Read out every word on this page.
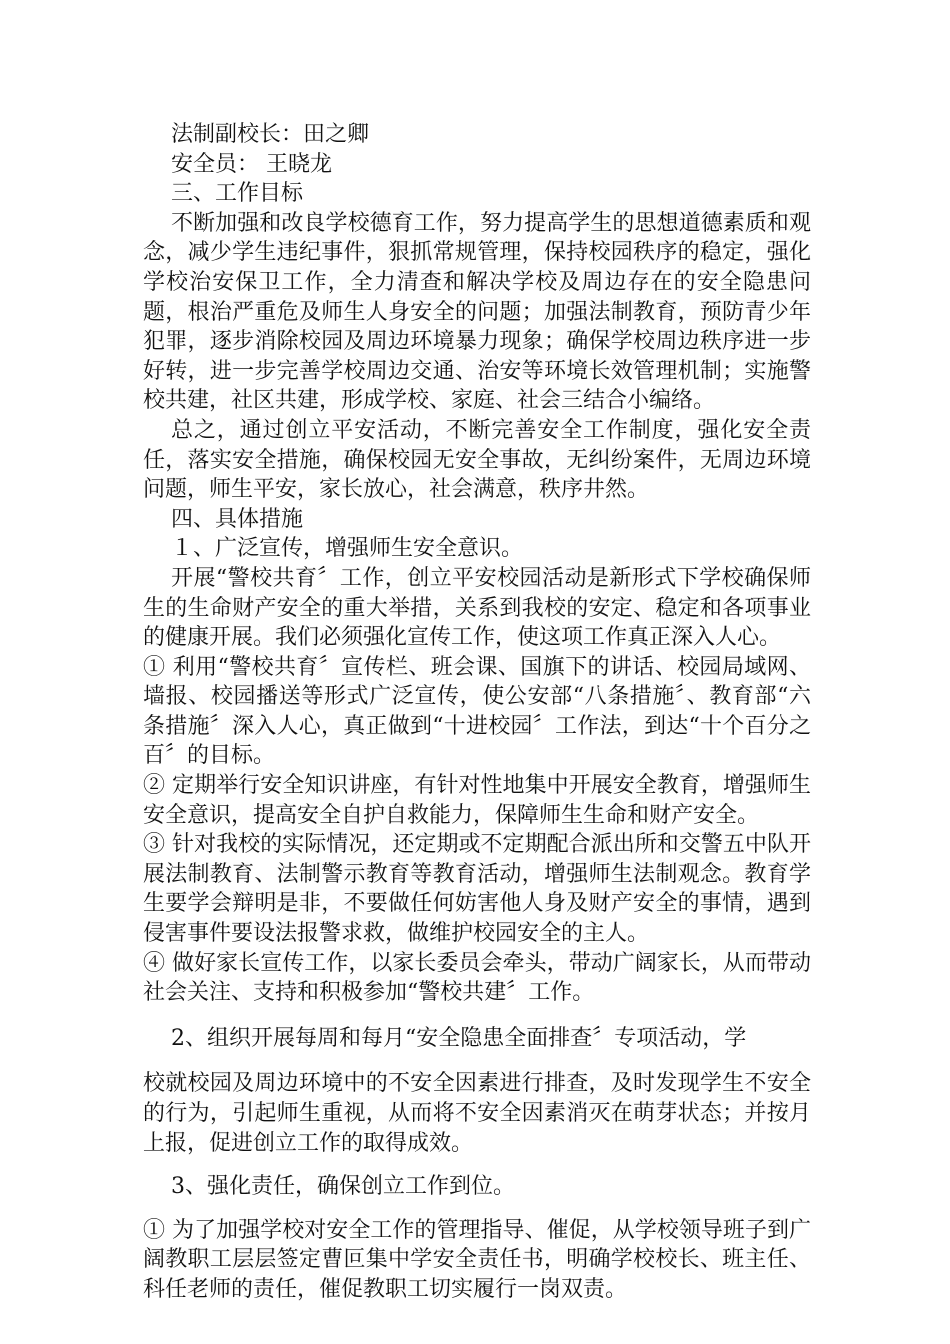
法制副校长：田之卿

安全员： 王晓龙

三、工作目标

不断加强和改良学校德育工作，努力提高学生的思想道德素质和观念，减少学生违纪事件，狠抓常规管理，保持校园秩序的稳定，强化学校治安保卫工作，全力清查和解决学校及周边存在的安全隐患问题，根治严重危及师生人身安全的问题；加强法制教育，预防青少年犯罪，逐步消除校园及周边环境暴力现象；确保学校周边秩序进一步好转，进一步完善学校周边交通、治安等环境长效管理机制；实施警校共建，社区共建，形成学校、家庭、社会三结合小编络。

总之，通过创立平安活动，不断完善安全工作制度，强化安全责任，落实安全措施，确保校园无安全事故，无纠纷案件，无周边环境问题，师生平安，家长放心，社会满意，秩序井然。

四、具体措施

１、广泛宣传，增强师生安全意识。

开展“警校共育〞工作，创立平安校园活动是新形式下学校确保师生的生命财产安全的重大举措，关系到我校的安定、稳定和各项事业的健康开展。我们必须强化宣传工作，使这项工作真正深入人心。

① 利用“警校共育〞宣传栏、班会课、国旗下的讲话、校园局域网、墙报、校园播送等形式广泛宣传，使公安部“八条措施〞、教育部“六条措施〞深入人心，真正做到“十进校园〞工作法，到达“十个百分之百〞的目标。

② 定期举行安全知识讲座，有针对性地集中开展安全教育，增强师生安全意识，提高安全自护自救能力，保障师生生命和财产安全。

③ 针对我校的实际情况，还定期或不定期配合派出所和交警五中队开展法制教育、法制警示教育等教育活动，增强师生法制观念。教育学生要学会辩明是非，不要做任何妨害他人身及财产安全的事情，遇到侵害事件要设法报警求救，做维护校园安全的主人。

④ 做好家长宣传工作，以家长委员会牵头，带动广阔家长，从而带动社会关注、支持和积极参加“警校共建〞工作。

2、组织开展每周和每月“安全隐患全面排查〞专项活动，学

校就校园及周边环境中的不安全因素进行排查，及时发现学生不安全的行为，引起师生重视，从而将不安全因素消灭在萌芽状态；并按月上报，促进创立工作的取得成效。

3、强化责任，确保创立工作到位。

① 为了加强学校对安全工作的管理指导、催促，从学校领导班子到广阔教职工层层签定曹叵集中学安全责任书，明确学校校长、班主任、科任老师的责任，催促教职工切实履行一岗双责。
